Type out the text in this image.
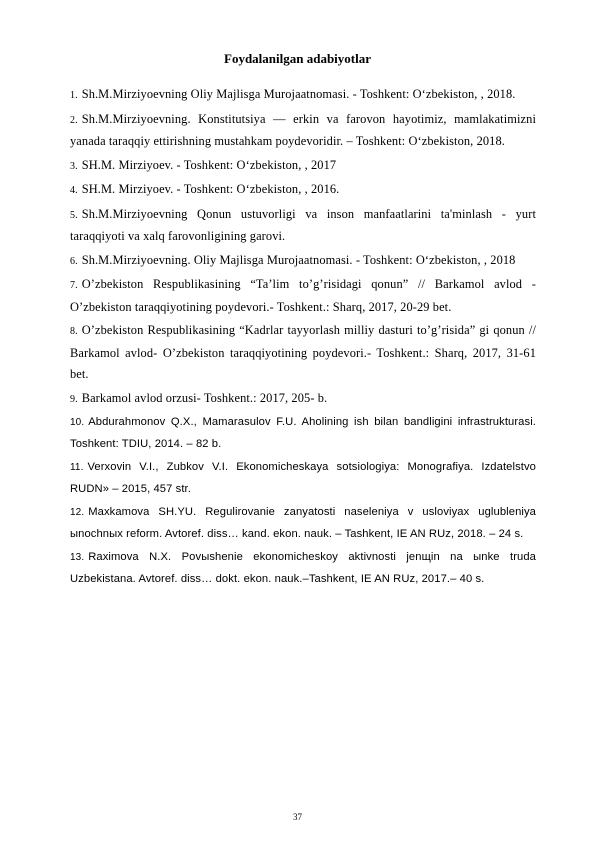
Foydalanilgan adabiyotlar
1. Sh.M.Mirziyoevning Oliy Majlisga Murojaatnomasi. - Toshkent: O‘zbekiston, , 2018.
2. Sh.M.Mirziyoevning. Konstitutsiya — erkin va farovon hayotimiz, mamlakatimizni yanada taraqqiy ettirishning mustahkam poydevoridir. – Toshkent: O‘zbekiston, 2018.
3. SH.M. Mirziyoev. - Toshkent: O‘zbekiston, , 2017
4. SH.M. Mirziyoev. - Toshkent: O‘zbekiston, , 2016.
5. Sh.M.Mirziyoevning Qonun ustuvorligi va inson manfaatlarini ta'minlash - yurt taraqqiyoti va xalq farovonligining garovi.
6. Sh.M.Mirziyoevning. Oliy Majlisga Murojaatnomasi. - Toshkent: O‘zbekiston, , 2018
7. O’zbekiston Respublikasining “Ta’lim to’g’risidagi qonun” // Barkamol avlod - O’zbekiston taraqqiyotining poydevori.- Toshkent.: Sharq, 2017, 20-29 bet.
8. O’zbekiston Respublikasining “Kadrlar tayyorlash milliy dasturi to’g’risida” gi qonun // Barkamol avlod- O’zbekiston taraqqiyotining poydevori.- Toshkent.: Sharq, 2017, 31-61 bet.
9. Barkamol avlod orzusi- Toshkent.: 2017, 205- b.
10. Abdurahmonov Q.X., Mamarasulov F.U. Aholining ish bilan bandligini infrastrukturasi. Toshkent: TDIU, 2014. – 82 b.
11. Verxovin V.I., Zubkov V.I. Ekonomicheskaya sotsiologiya: Monografiya. Izdatelstvo RUDN» – 2015, 457 str.
12. Maxkamova SH.YU. Regulirovanie zanyatosti naseleniya v usloviyax uglubleniya ыnochnыx reform. Avtoref. diss… kand. ekon. nauk. – Tashkent, IE AN RUz, 2018. – 24 s.
13. Raximova N.X. Povыshenie ekonomicheskoy aktivnosti jenщin na ыnke truda Uzbekistana. Avtoref. diss… dokt. ekon. nauk.–Tashkent, IE AN RUz, 2017.– 40 s.
37
